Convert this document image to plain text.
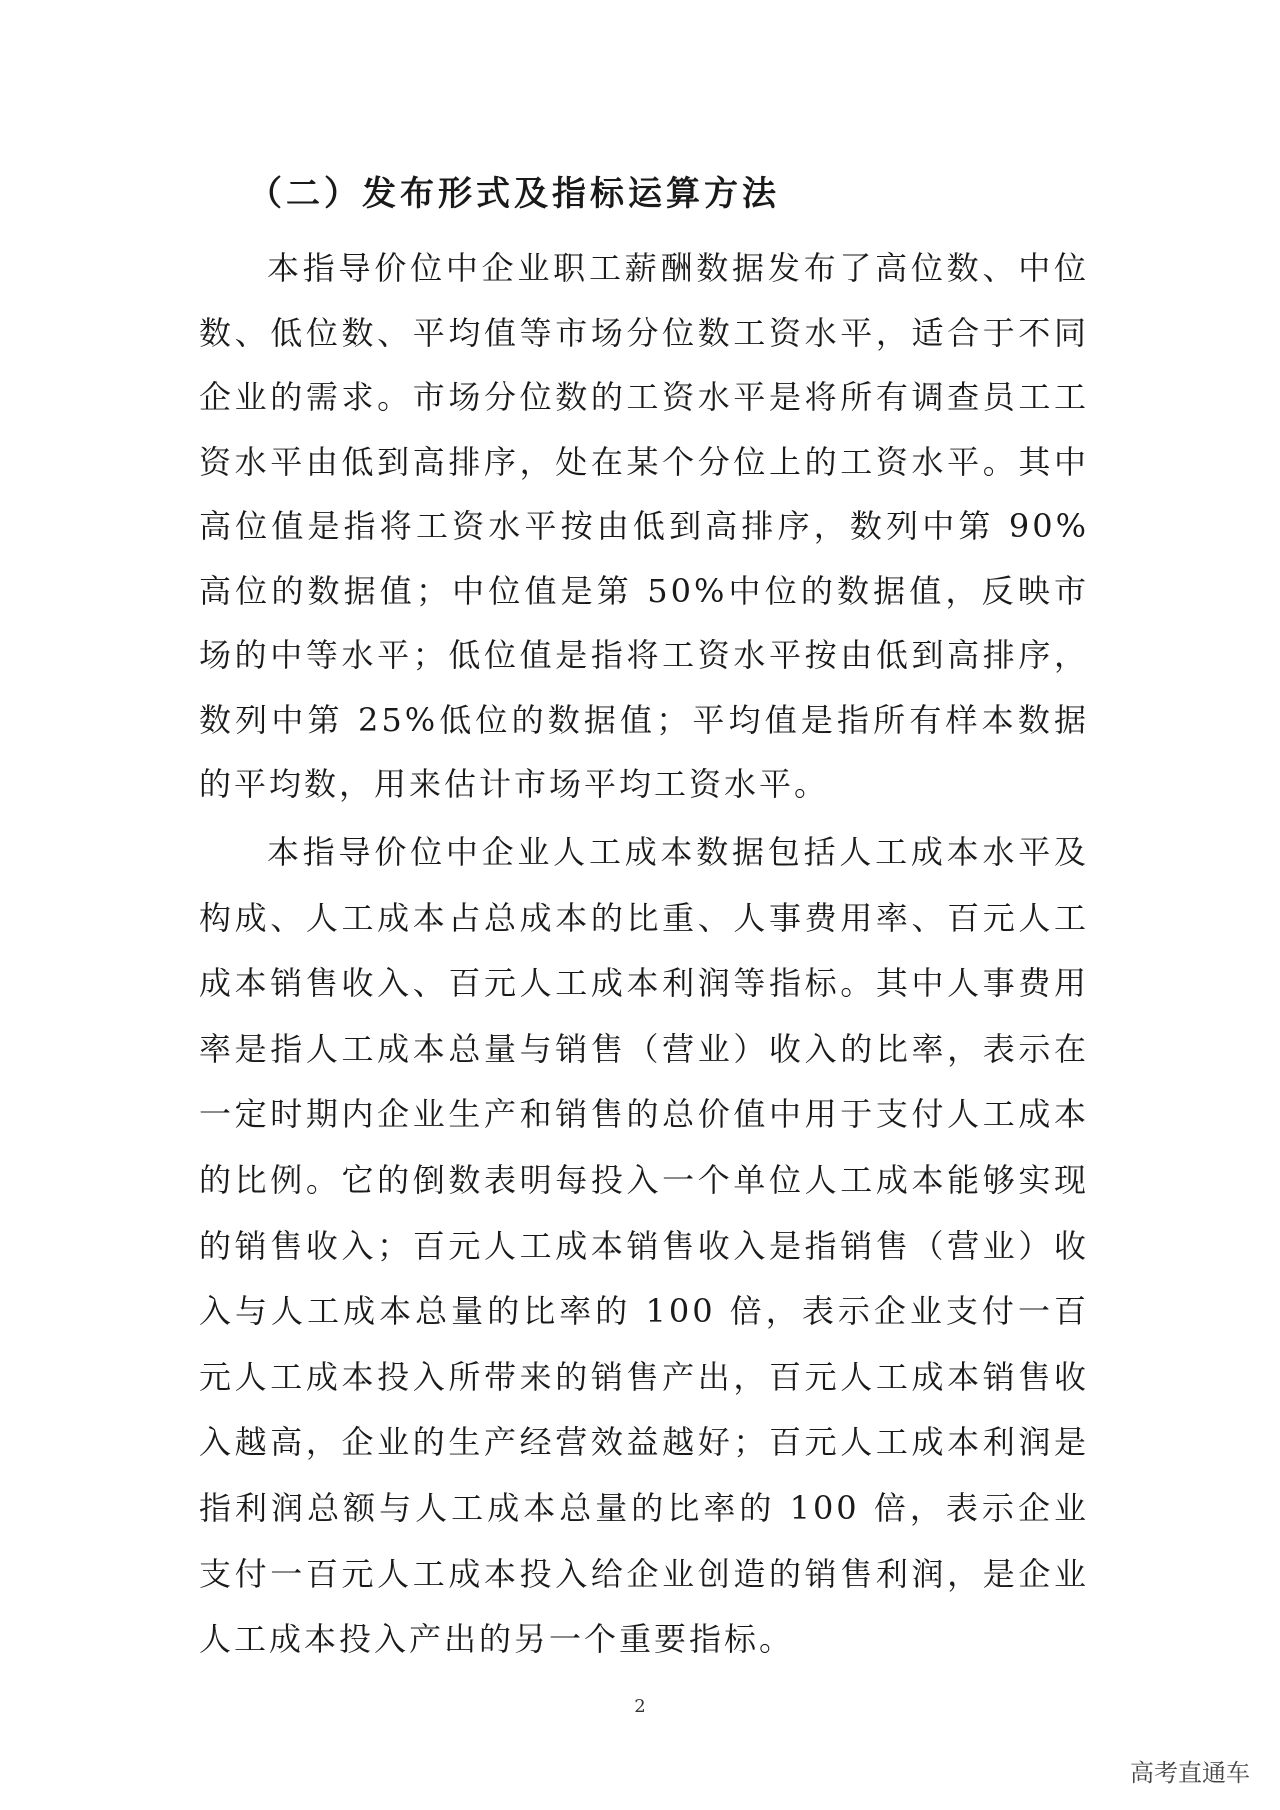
（二）发布形式及指标运算方法

本指导价位中企业职工薪酬数据发布了高位数、中位数、低位数、平均值等市场分位数工资水平，适合于不同企业的需求。市场分位数的工资水平是将所有调查员工工资水平由低到高排序，处在某个分位上的工资水平。其中高位值是指将工资水平按由低到高排序，数列中第 90%高位的数据值；中位值是第 50%中位的数据值，反映市场的中等水平；低位值是指将工资水平按由低到高排序，数列中第 25%低位的数据值；平均值是指所有样本数据的平均数，用来估计市场平均工资水平。

本指导价位中企业人工成本数据包括人工成本水平及构成、人工成本占总成本的比重、人事费用率、百元人工成本销售收入、百元人工成本利润等指标。其中人事费用率是指人工成本总量与销售（营业）收入的比率，表示在一定时期内企业生产和销售的总价值中用于支付人工成本的比例。它的倒数表明每投入一个单位人工成本能够实现的销售收入；百元人工成本销售收入是指销售（营业）收入与人工成本总量的比率的 100 倍，表示企业支付一百元人工成本投入所带来的销售产出，百元人工成本销售收入越高，企业的生产经营效益越好；百元人工成本利润是指利润总额与人工成本总量的比率的 100 倍，表示企业支付一百元人工成本投入给企业创造的销售利润，是企业人工成本投入产出的另一个重要指标。

2
高考直通车
